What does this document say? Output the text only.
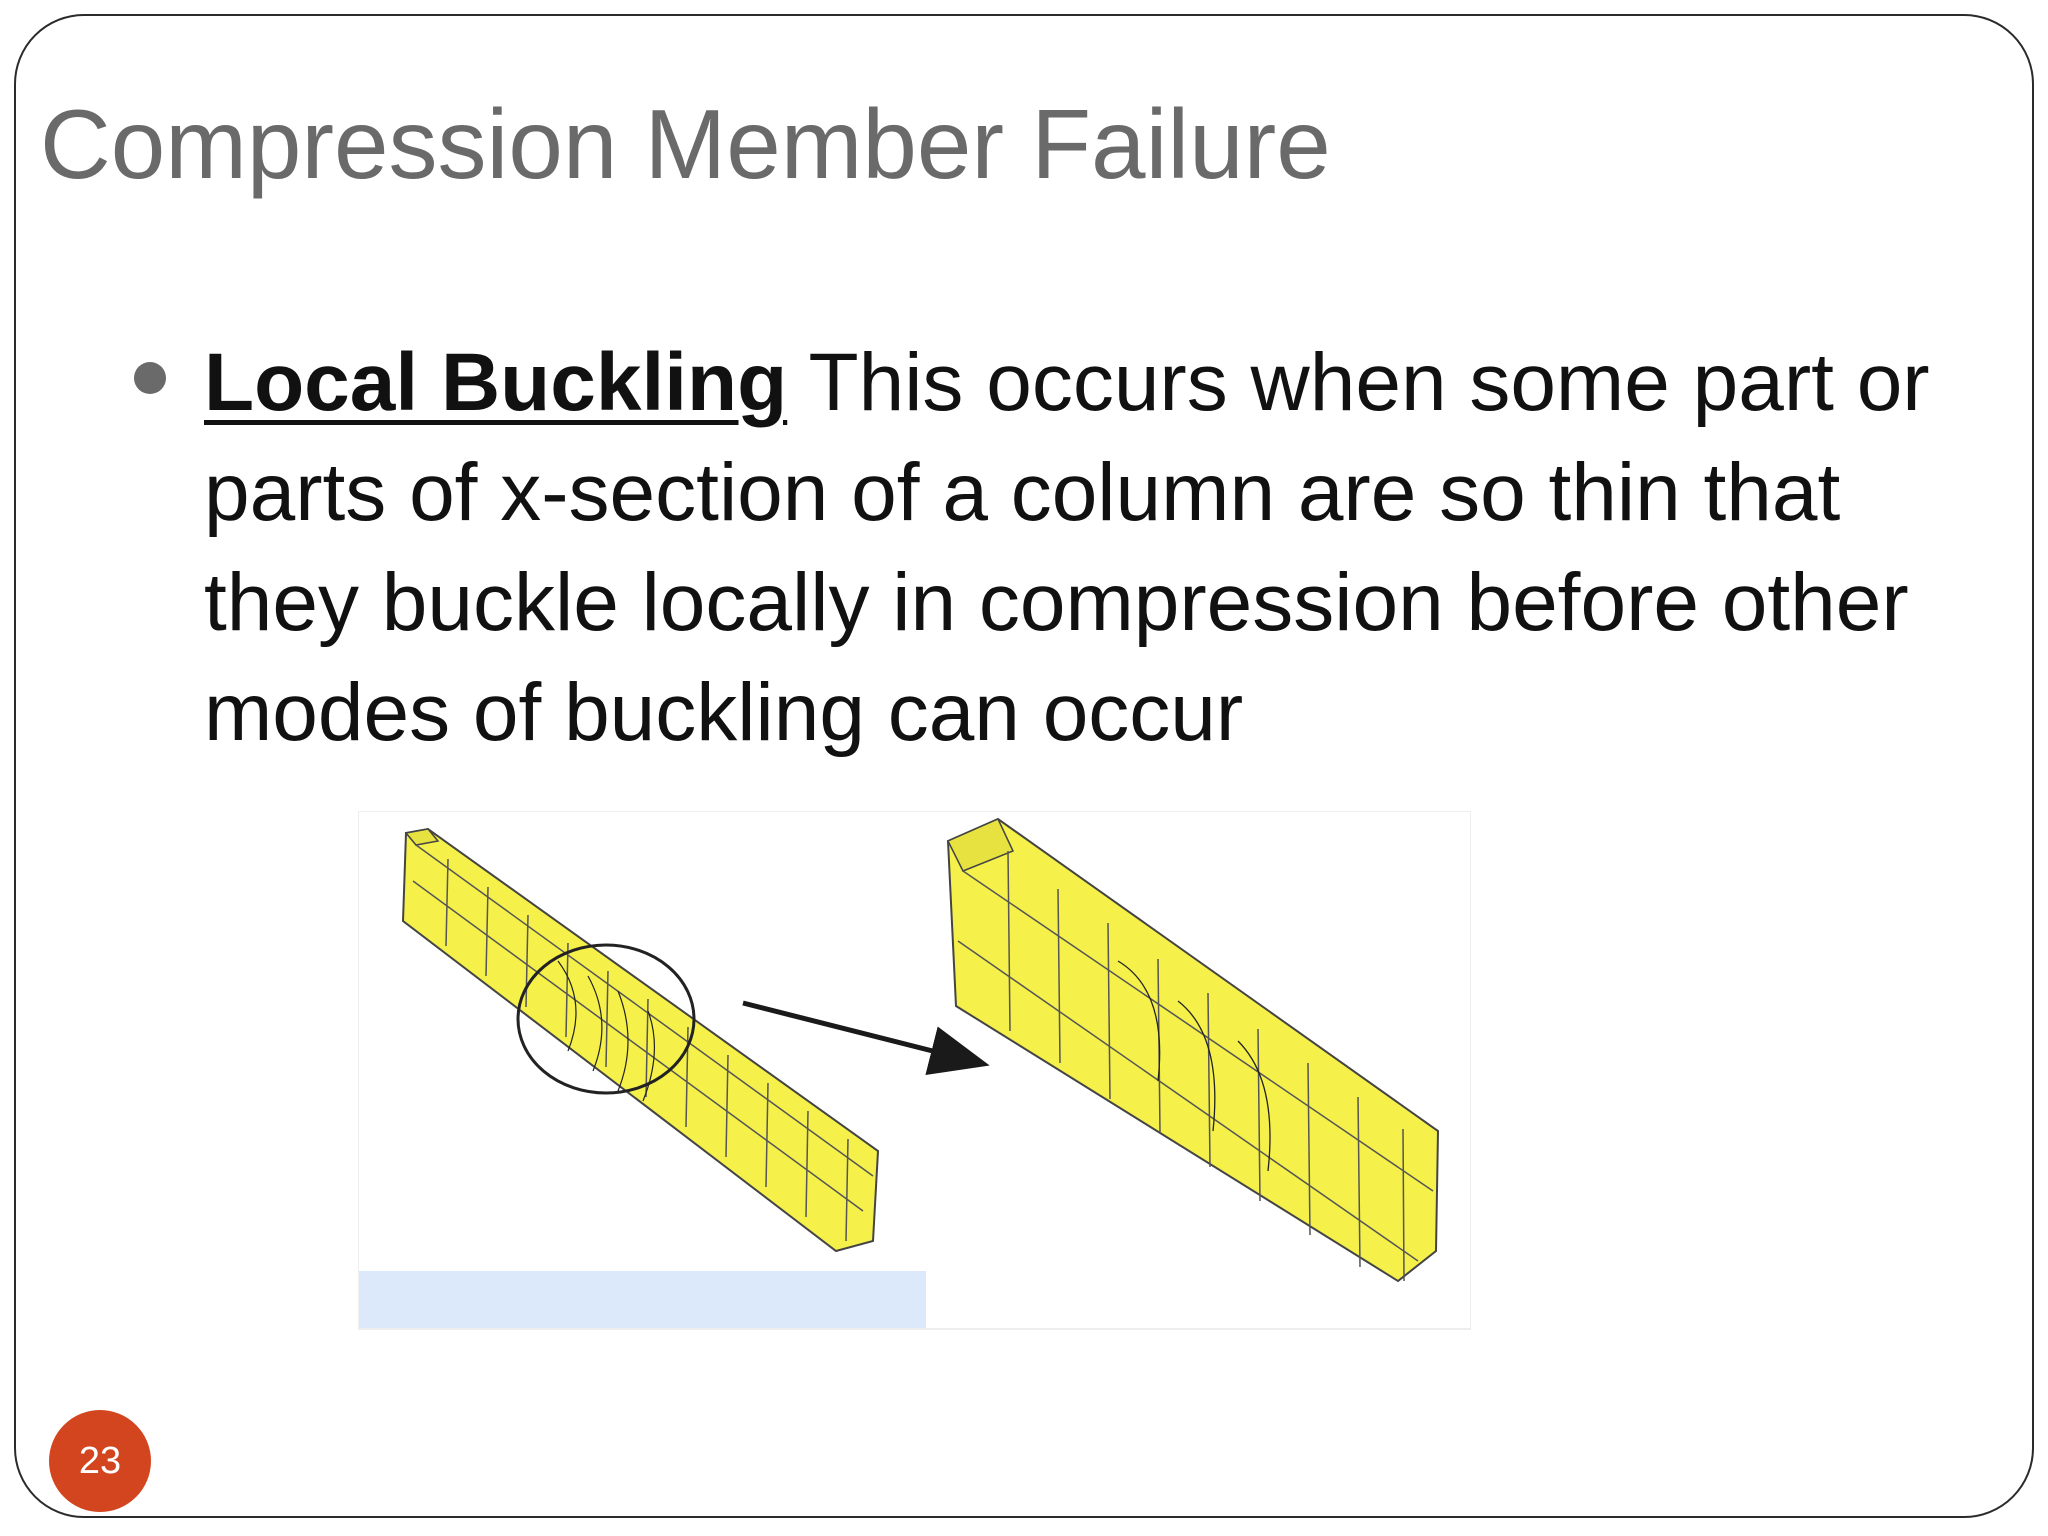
Compression Member Failure
Local Buckling This occurs when some part or parts of x-section of a column are so thin that they buckle locally in compression before other modes of buckling can occur
23
